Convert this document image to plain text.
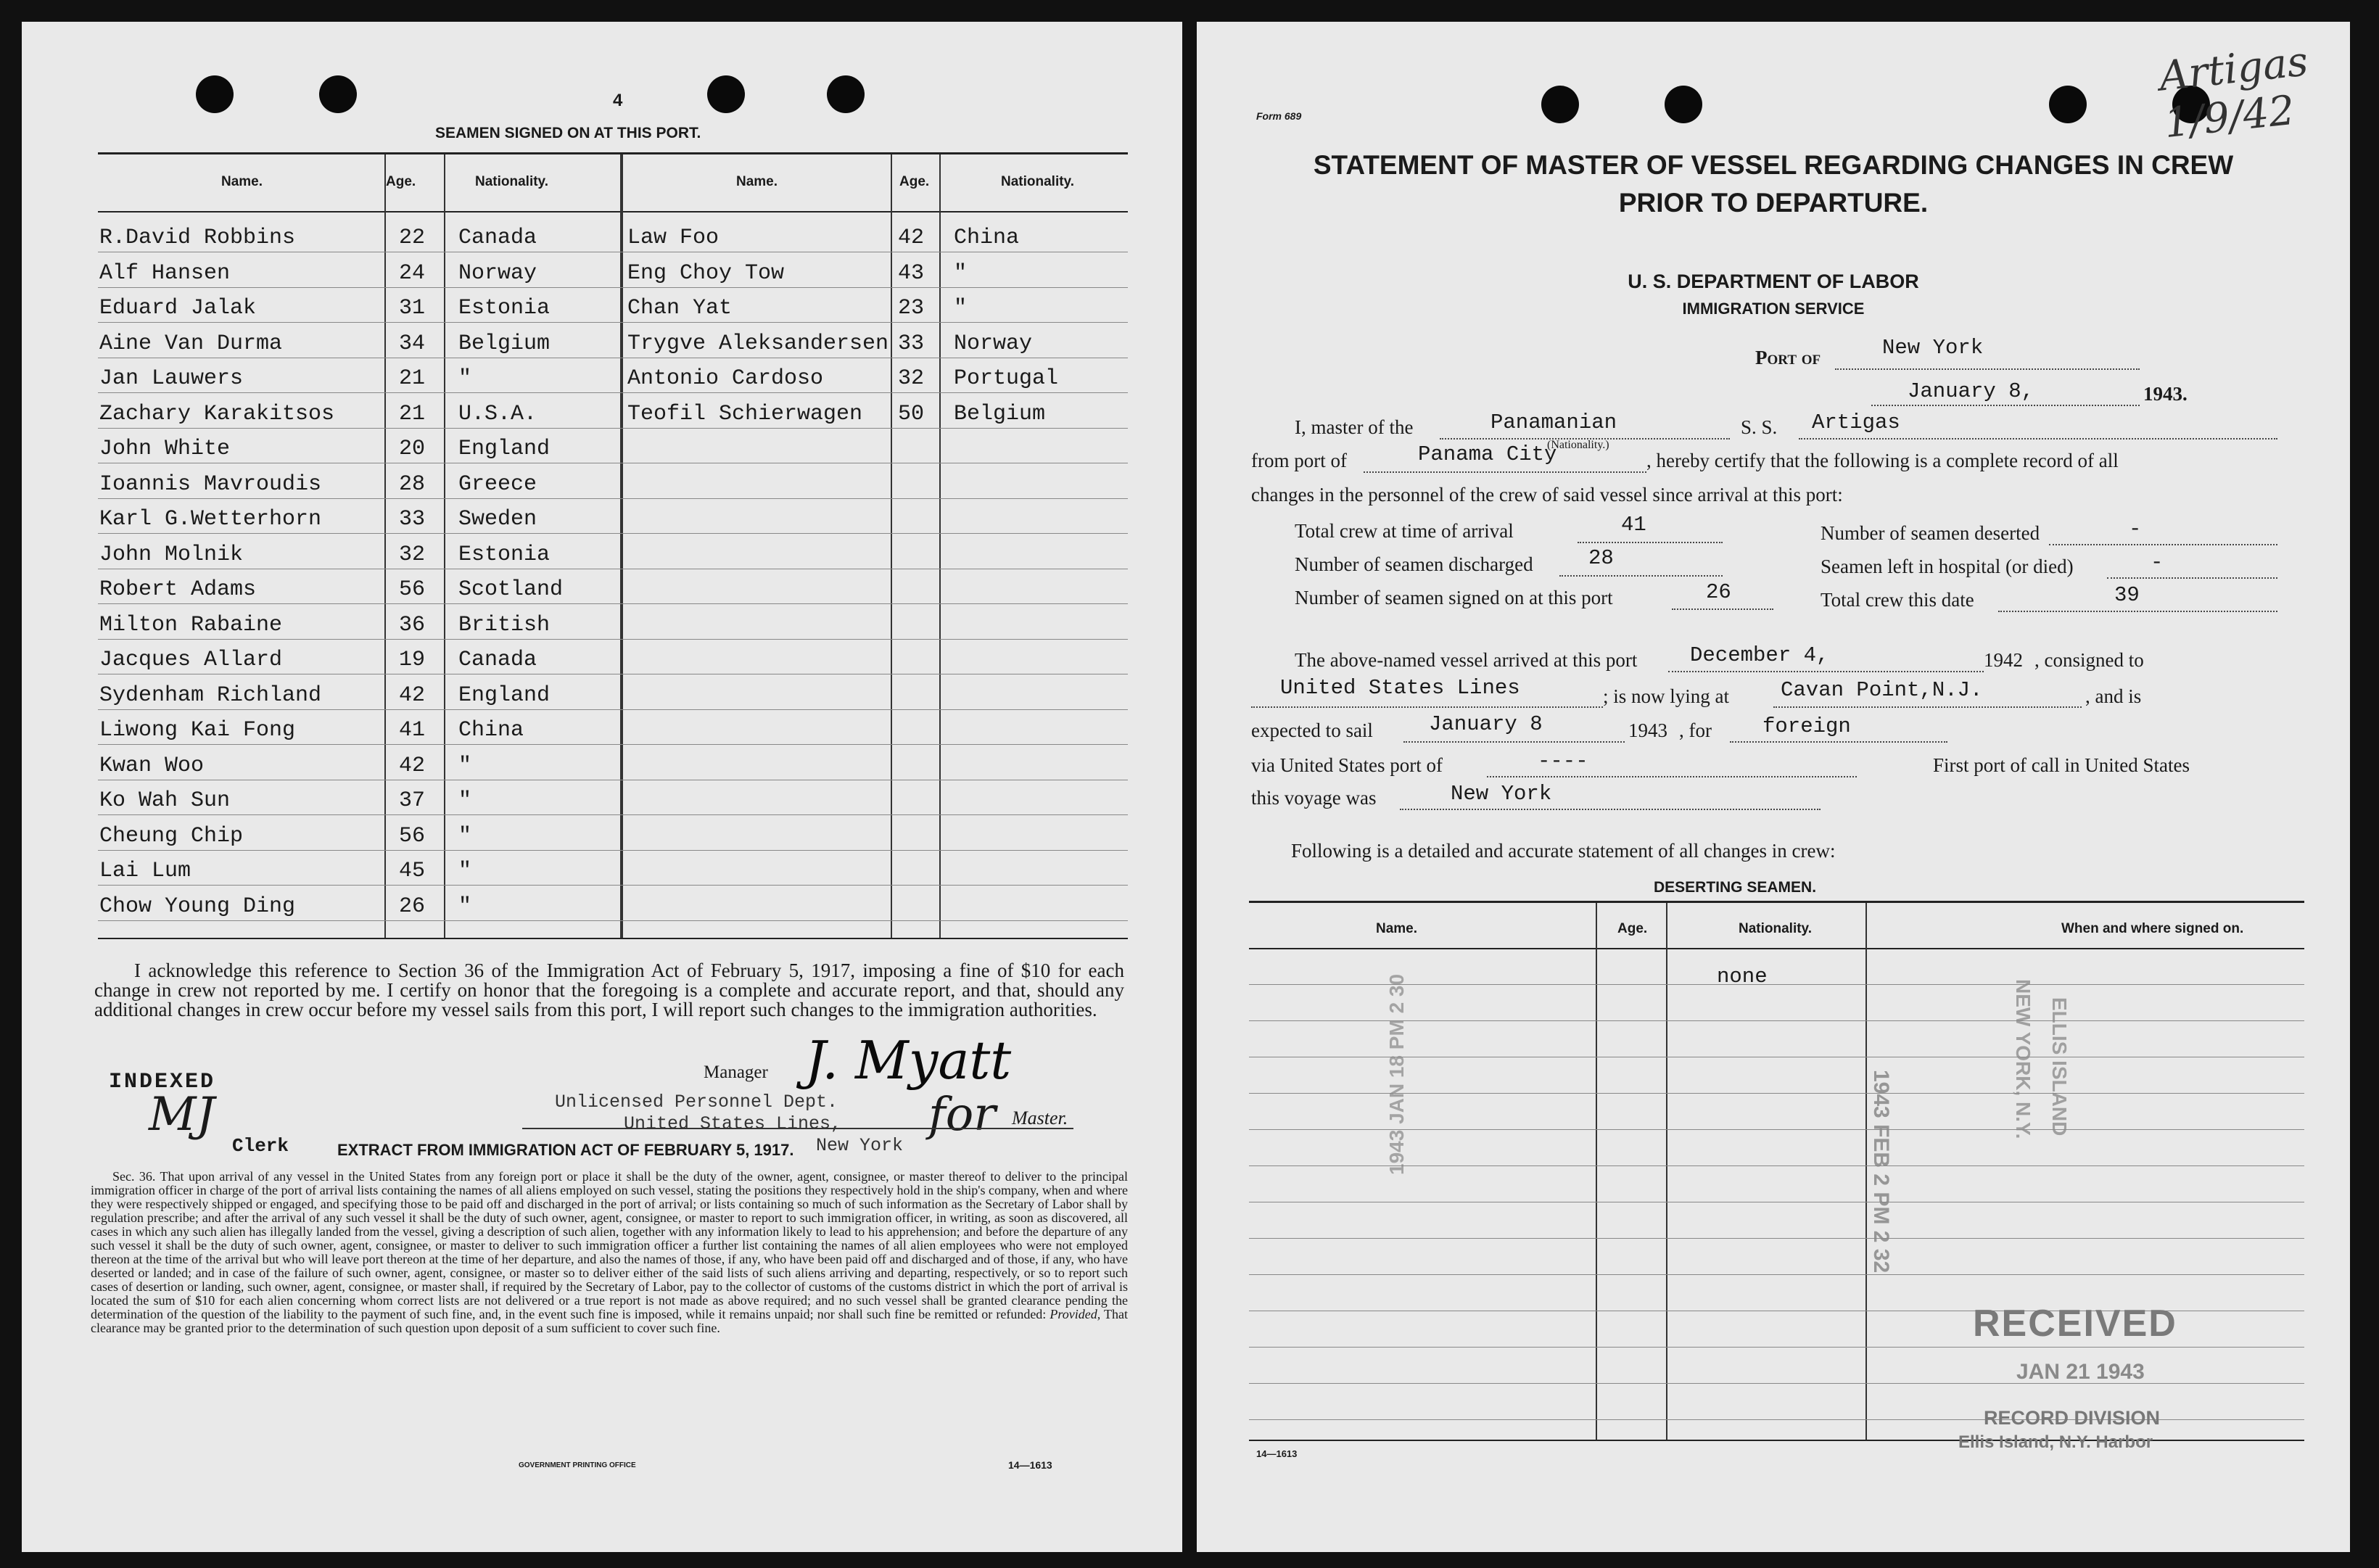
4
SEAMEN SIGNED ON AT THIS PORT.
Name.	Age.	Nationality.	Name.	Age.	Nationality.
R.David Robbins	22 Canada	Law Foo	42 China
Alf Hansen	24 Norway	Eng Choy Tow	43 "
Eduard Jalak	31 Estonia	Chan Yat	23 "
Aine Van Durma	34 Belgium	Trygve Aleksandersen 33 Norway
Jan Lauwers	21 "	Antonio Cardoso	32 Portugal
Zachary Karakitsos	21 U.S.A.	Teofil Schierwagen 50 Belgium
John White	20 England
Ioannis Mavroudis	28 Greece
Karl G.Wetterhorn	33 Sweden
John Molnik	32 Estonia
Robert Adams	56 Scotland
Milton Rabaine	36 British
Jacques Allard	19 Canada
Sydenham Richland	42 England
Liwong Kai Fong	41 China
Kwan Woo	42 "
Ko Wah Sun	37 "
Cheung Chip	56 "
Lai Lum	45 "
Chow Young Ding	26 "
I acknowledge this reference to Section 36 of the Immigration Act of February 5, 1917, imposing a fine of $10 for each change in crew not reported by me. I certify on honor that the foregoing is a complete and accurate report, and that, should any additional changes in crew occur before my vessel sails from this port, I will report such changes to the immigration authorities.
INDEXED
MJ
Clerk
Manager J. Myatt
Unlicensed Personnel Dept.
United States Lines,
New York
for Master.
EXTRACT FROM IMMIGRATION ACT OF FEBRUARY 5, 1917.
Sec. 36. That upon arrival of any vessel in the United States from any foreign port or place it shall be the duty of the owner, agent, consignee, or master thereof to deliver to the principal immigration officer in charge of the port of arrival lists containing the names of all aliens employed on such vessel, stating the positions they respectively hold in the ship's company, when and where they were respectively shipped or engaged, and specifying those to be paid off and discharged in the port of arrival; or lists containing so much of such information as the Secretary of Labor shall by regulation prescribe; and after the arrival of any such vessel it shall be the duty of such owner, agent, consignee, or master to report to such immigration officer, in writing, as soon as discovered, all cases in which any such alien has illegally landed from the vessel, giving a description of such alien, together with any information likely to lead to his apprehension; and before the departure of any such vessel it shall be the duty of such owner, agent, consignee, or master to deliver to such immigration officer a further list containing the names of all alien employees who were not employed thereon at the time of the arrival but who will leave port thereon at the time of her departure, and also the names of those, if any, who have been paid off and discharged and of those, if any, who have deserted or landed; and in case of the failure of such owner, agent, consignee, or master so to deliver either of the said lists of such aliens arriving and departing, respectively, or so to report such cases of desertion or landing, such owner, agent, consignee, or master shall, if required by the Secretary of Labor, pay to the collector of customs of the customs district in which the port of arrival is located the sum of $10 for each alien concerning whom correct lists are not delivered or a true report is not made as above required; and no such vessel shall be granted clearance pending the determination of the question of the liability to the payment of such fine, and, in the event such fine is imposed, while it remains unpaid; nor shall such fine be remitted or refunded: Provided, That clearance may be granted prior to the determination of such question upon deposit of a sum sufficient to cover such fine.
GOVERNMENT PRINTING OFFICE	14—1613
Form 689
Artigas 1/9/42
STATEMENT OF MASTER OF VESSEL REGARDING CHANGES IN CREW
PRIOR TO DEPARTURE.
U. S. DEPARTMENT OF LABOR
IMMIGRATION SERVICE
Port of	New York
January 8,	1943.
I, master of the	Panamanian
(Nationality.)
S. S. Artigas
from port of	Panama City	, hereby certify that the following is a complete record of all
changes in the personnel of the crew of said vessel since arrival at this port:
Total crew at time of arrival	41
Number of seamen discharged	28
Number of seamen signed on at this port	26
Number of seamen deserted	-
Seamen left in hospital (or died)	-
Total crew this date	39
The above-named vessel arrived at this port	December 4,	1942 , consigned to
United States Lines	; is now lying at Cavan Point,N.J.	, and is
expected to sail	January 8	1943 , for foreign
via United States port of	----	First port of call in United States
this voyage was	New York
Following is a detailed and accurate statement of all changes in crew:
DESERTING SEAMEN.
Name.	Age.	Nationality.	When and where signed on.
none
1943 FEB 2 PM 2 32
NEW YORK, N.Y. ELLIS ISLAND
1943 JAN 18 PM 2 30
RECEIVED
JAN 21 1943
RECORD DIVISION
Ellis Island, N.Y. Harbor
14—1613
